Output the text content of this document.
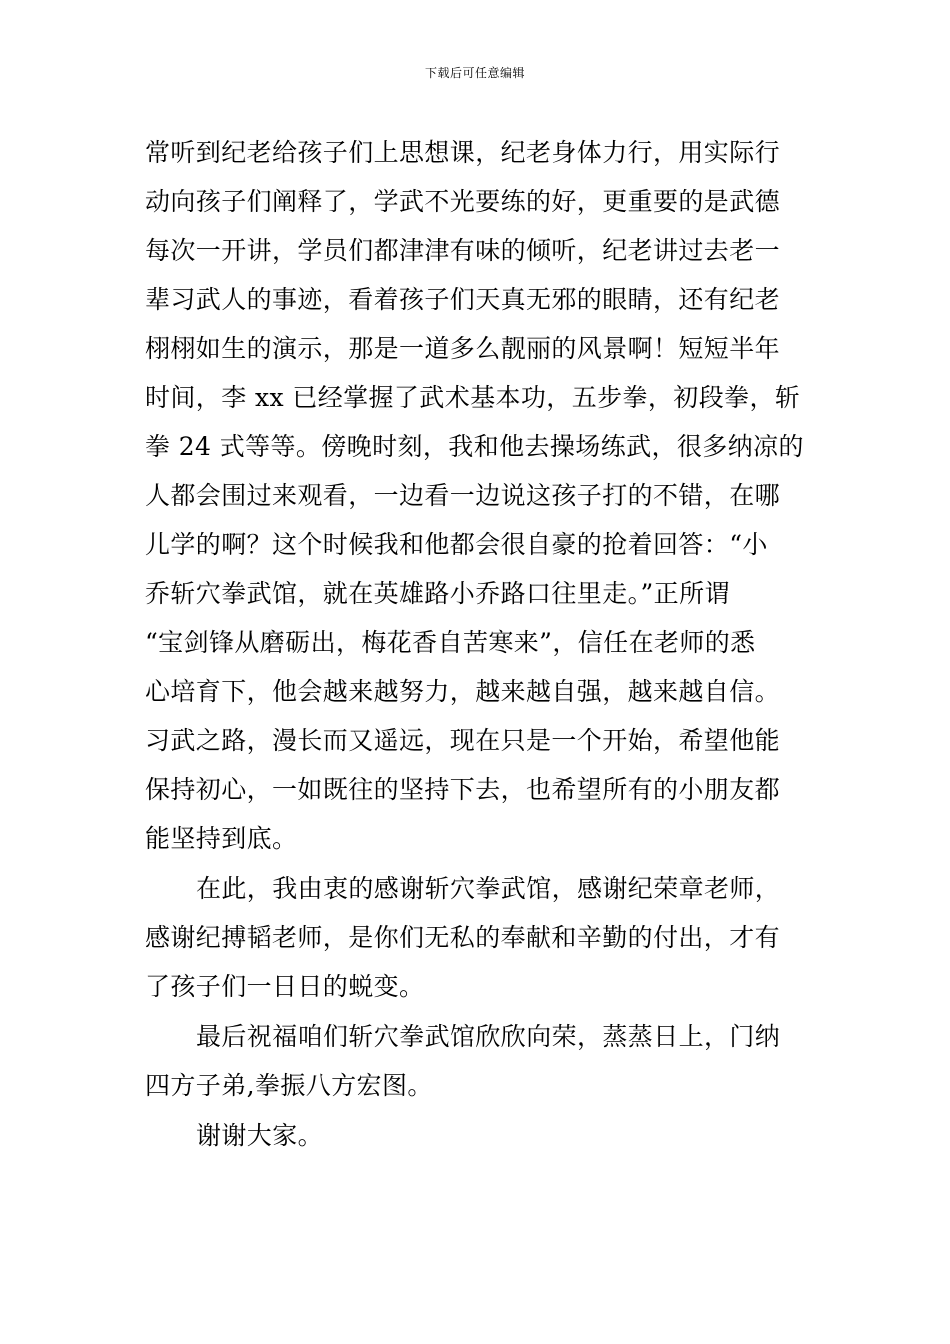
下载后可任意编辑
常听到纪老给孩子们上思想课，纪老身体力行，用实际行
动向孩子们阐释了，学武不光要练的好，更重要的是武德
每次一开讲，学员们都津津有味的倾听，纪老讲过去老一
辈习武人的事迹，看着孩子们天真无邪的眼睛，还有纪老
栩栩如生的演示，那是一道多么靓丽的风景啊！短短半年
时间，李 xx 已经掌握了武术基本功，五步拳，初段拳，斩
拳 24 式等等。傍晚时刻，我和他去操场练武，很多纳凉的
人都会围过来观看，一边看一边说这孩子打的不错，在哪
儿学的啊？这个时候我和他都会很自豪的抢着回答：“小
乔斩穴拳武馆，就在英雄路小乔路口往里走。”正所谓
“宝剑锋从磨砺出，梅花香自苦寒来”，信任在老师的悉
心培育下，他会越来越努力，越来越自强，越来越自信。
习武之路，漫长而又遥远，现在只是一个开始，希望他能
保持初心，一如既往的坚持下去，也希望所有的小朋友都
能坚持到底。
在此，我由衷的感谢斩穴拳武馆，感谢纪荣章老师，
感谢纪搏韬老师，是你们无私的奉献和辛勤的付出，才有
了孩子们一日日的蜕变。
最后祝福咱们斩穴拳武馆欣欣向荣，蒸蒸日上，门纳
四方子弟,拳振八方宏图。
谢谢大家。
